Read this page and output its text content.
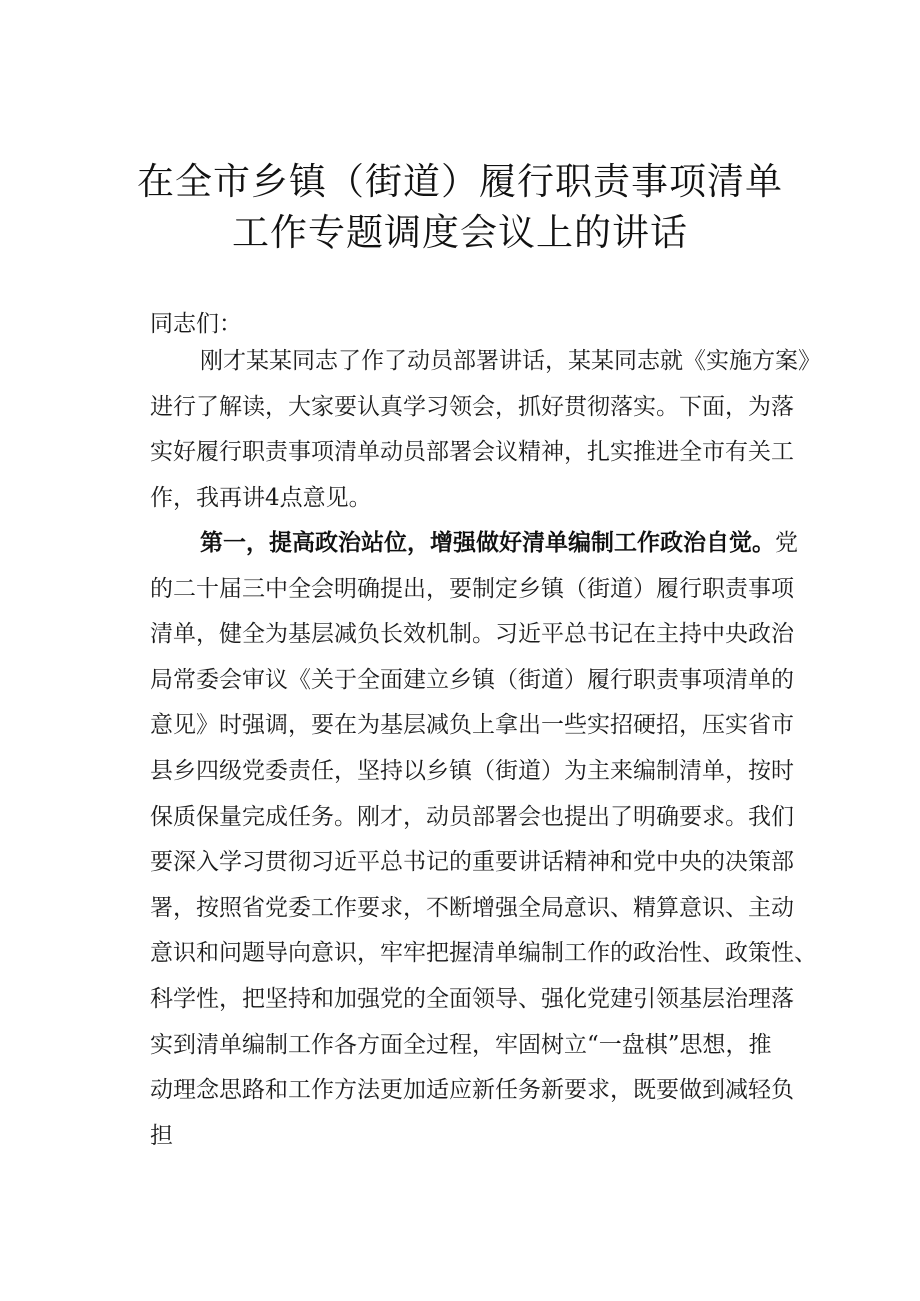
在全市乡镇（街道）履行职责事项清单
工作专题调度会议上的讲话
同志们：
刚才某某同志了作了动员部署讲话，某某同志就《实施方案》
进行了解读，大家要认真学习领会，抓好贯彻落实。下面，为落
实好履行职责事项清单动员部署会议精神，扎实推进全市有关工
作，我再讲4点意见。
第一，提高政治站位，增强做好清单编制工作政治自觉。党
的二十届三中全会明确提出，要制定乡镇（街道）履行职责事项
清单，健全为基层减负长效机制。习近平总书记在主持中央政治
局常委会审议《关于全面建立乡镇（街道）履行职责事项清单的
意见》时强调，要在为基层减负上拿出一些实招硬招，压实省市
县乡四级党委责任，坚持以乡镇（街道）为主来编制清单，按时
保质保量完成任务。刚才，动员部署会也提出了明确要求。我们
要深入学习贯彻习近平总书记的重要讲话精神和党中央的决策部
署，按照省党委工作要求，不断增强全局意识、精算意识、主动
意识和问题导向意识，牢牢把握清单编制工作的政治性、政策性、
科学性，把坚持和加强党的全面领导、强化党建引领基层治理落
实到清单编制工作各方面全过程，牢固树立“一盘棋”思想，推
动理念思路和工作方法更加适应新任务新要求，既要做到减轻负
担
